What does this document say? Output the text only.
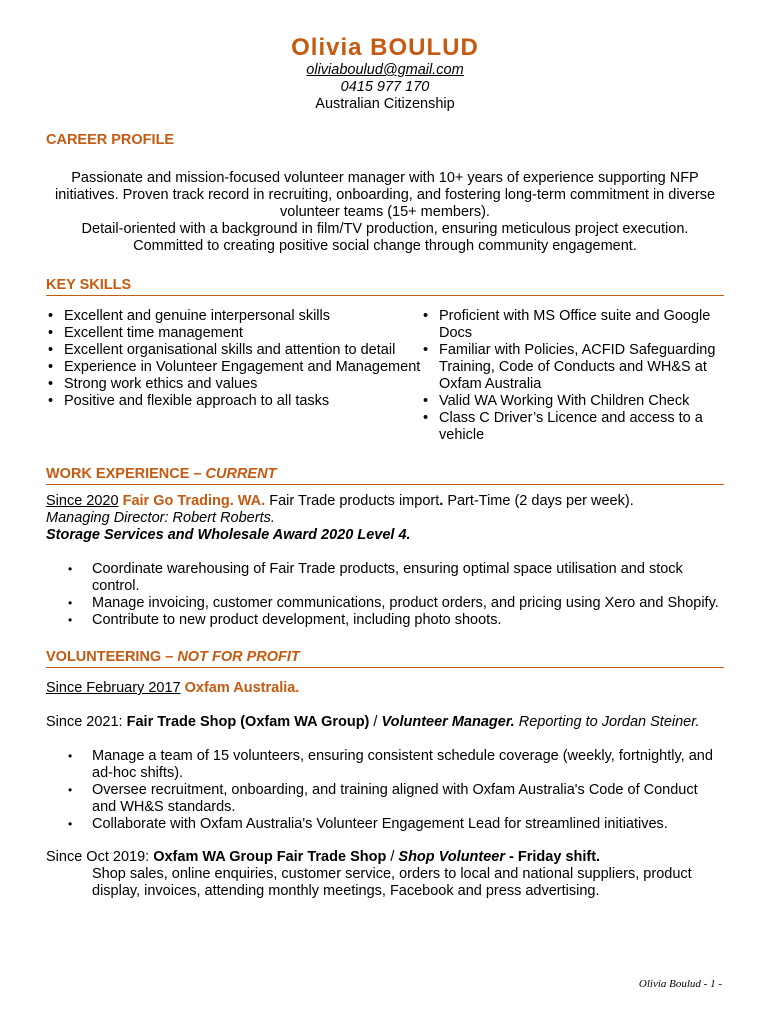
Olivia BOULUD
oliviaboulud@gmail.com
0415 977 170
Australian Citizenship
CAREER PROFILE
Passionate and mission-focused volunteer manager with 10+ years of experience supporting NFP initiatives. Proven track record in recruiting, onboarding, and fostering long-term commitment in diverse volunteer teams (15+ members).
Detail-oriented with a background in film/TV production, ensuring meticulous project execution.
Committed to creating positive social change through community engagement.
KEY SKILLS
• Excellent and genuine interpersonal skills
• Excellent time management
• Excellent organisational skills and attention to detail
• Experience in Volunteer Engagement and Management
• Strong work ethics and values
• Positive and flexible approach to all tasks
• Proficient with MS Office suite and Google Docs
• Familiar with Policies, ACFID Safeguarding Training, Code of Conducts and WH&S at Oxfam Australia
• Valid WA Working With Children Check
• Class C Driver’s Licence and access to a vehicle
WORK EXPERIENCE – CURRENT
Since 2020 Fair Go Trading. WA. Fair Trade products import. Part-Time (2 days per week).
Managing Director: Robert Roberts.
Storage Services and Wholesale Award 2020 Level 4.
• Coordinate warehousing of Fair Trade products, ensuring optimal space utilisation and stock control.
• Manage invoicing, customer communications, product orders, and pricing using Xero and Shopify.
• Contribute to new product development, including photo shoots.
VOLUNTEERING – NOT FOR PROFIT
Since February 2017 Oxfam Australia.
Since 2021: Fair Trade Shop (Oxfam WA Group) / Volunteer Manager. Reporting to Jordan Steiner.
• Manage a team of 15 volunteers, ensuring consistent schedule coverage (weekly, fortnightly, and ad-hoc shifts).
• Oversee recruitment, onboarding, and training aligned with Oxfam Australia's Code of Conduct and WH&S standards.
• Collaborate with Oxfam Australia's Volunteer Engagement Lead for streamlined initiatives.
Since Oct 2019: Oxfam WA Group Fair Trade Shop / Shop Volunteer - Friday shift.
Shop sales, online enquiries, customer service, orders to local and national suppliers, product display, invoices, attending monthly meetings, Facebook and press advertising.
Olivia Boulud - 1 -
